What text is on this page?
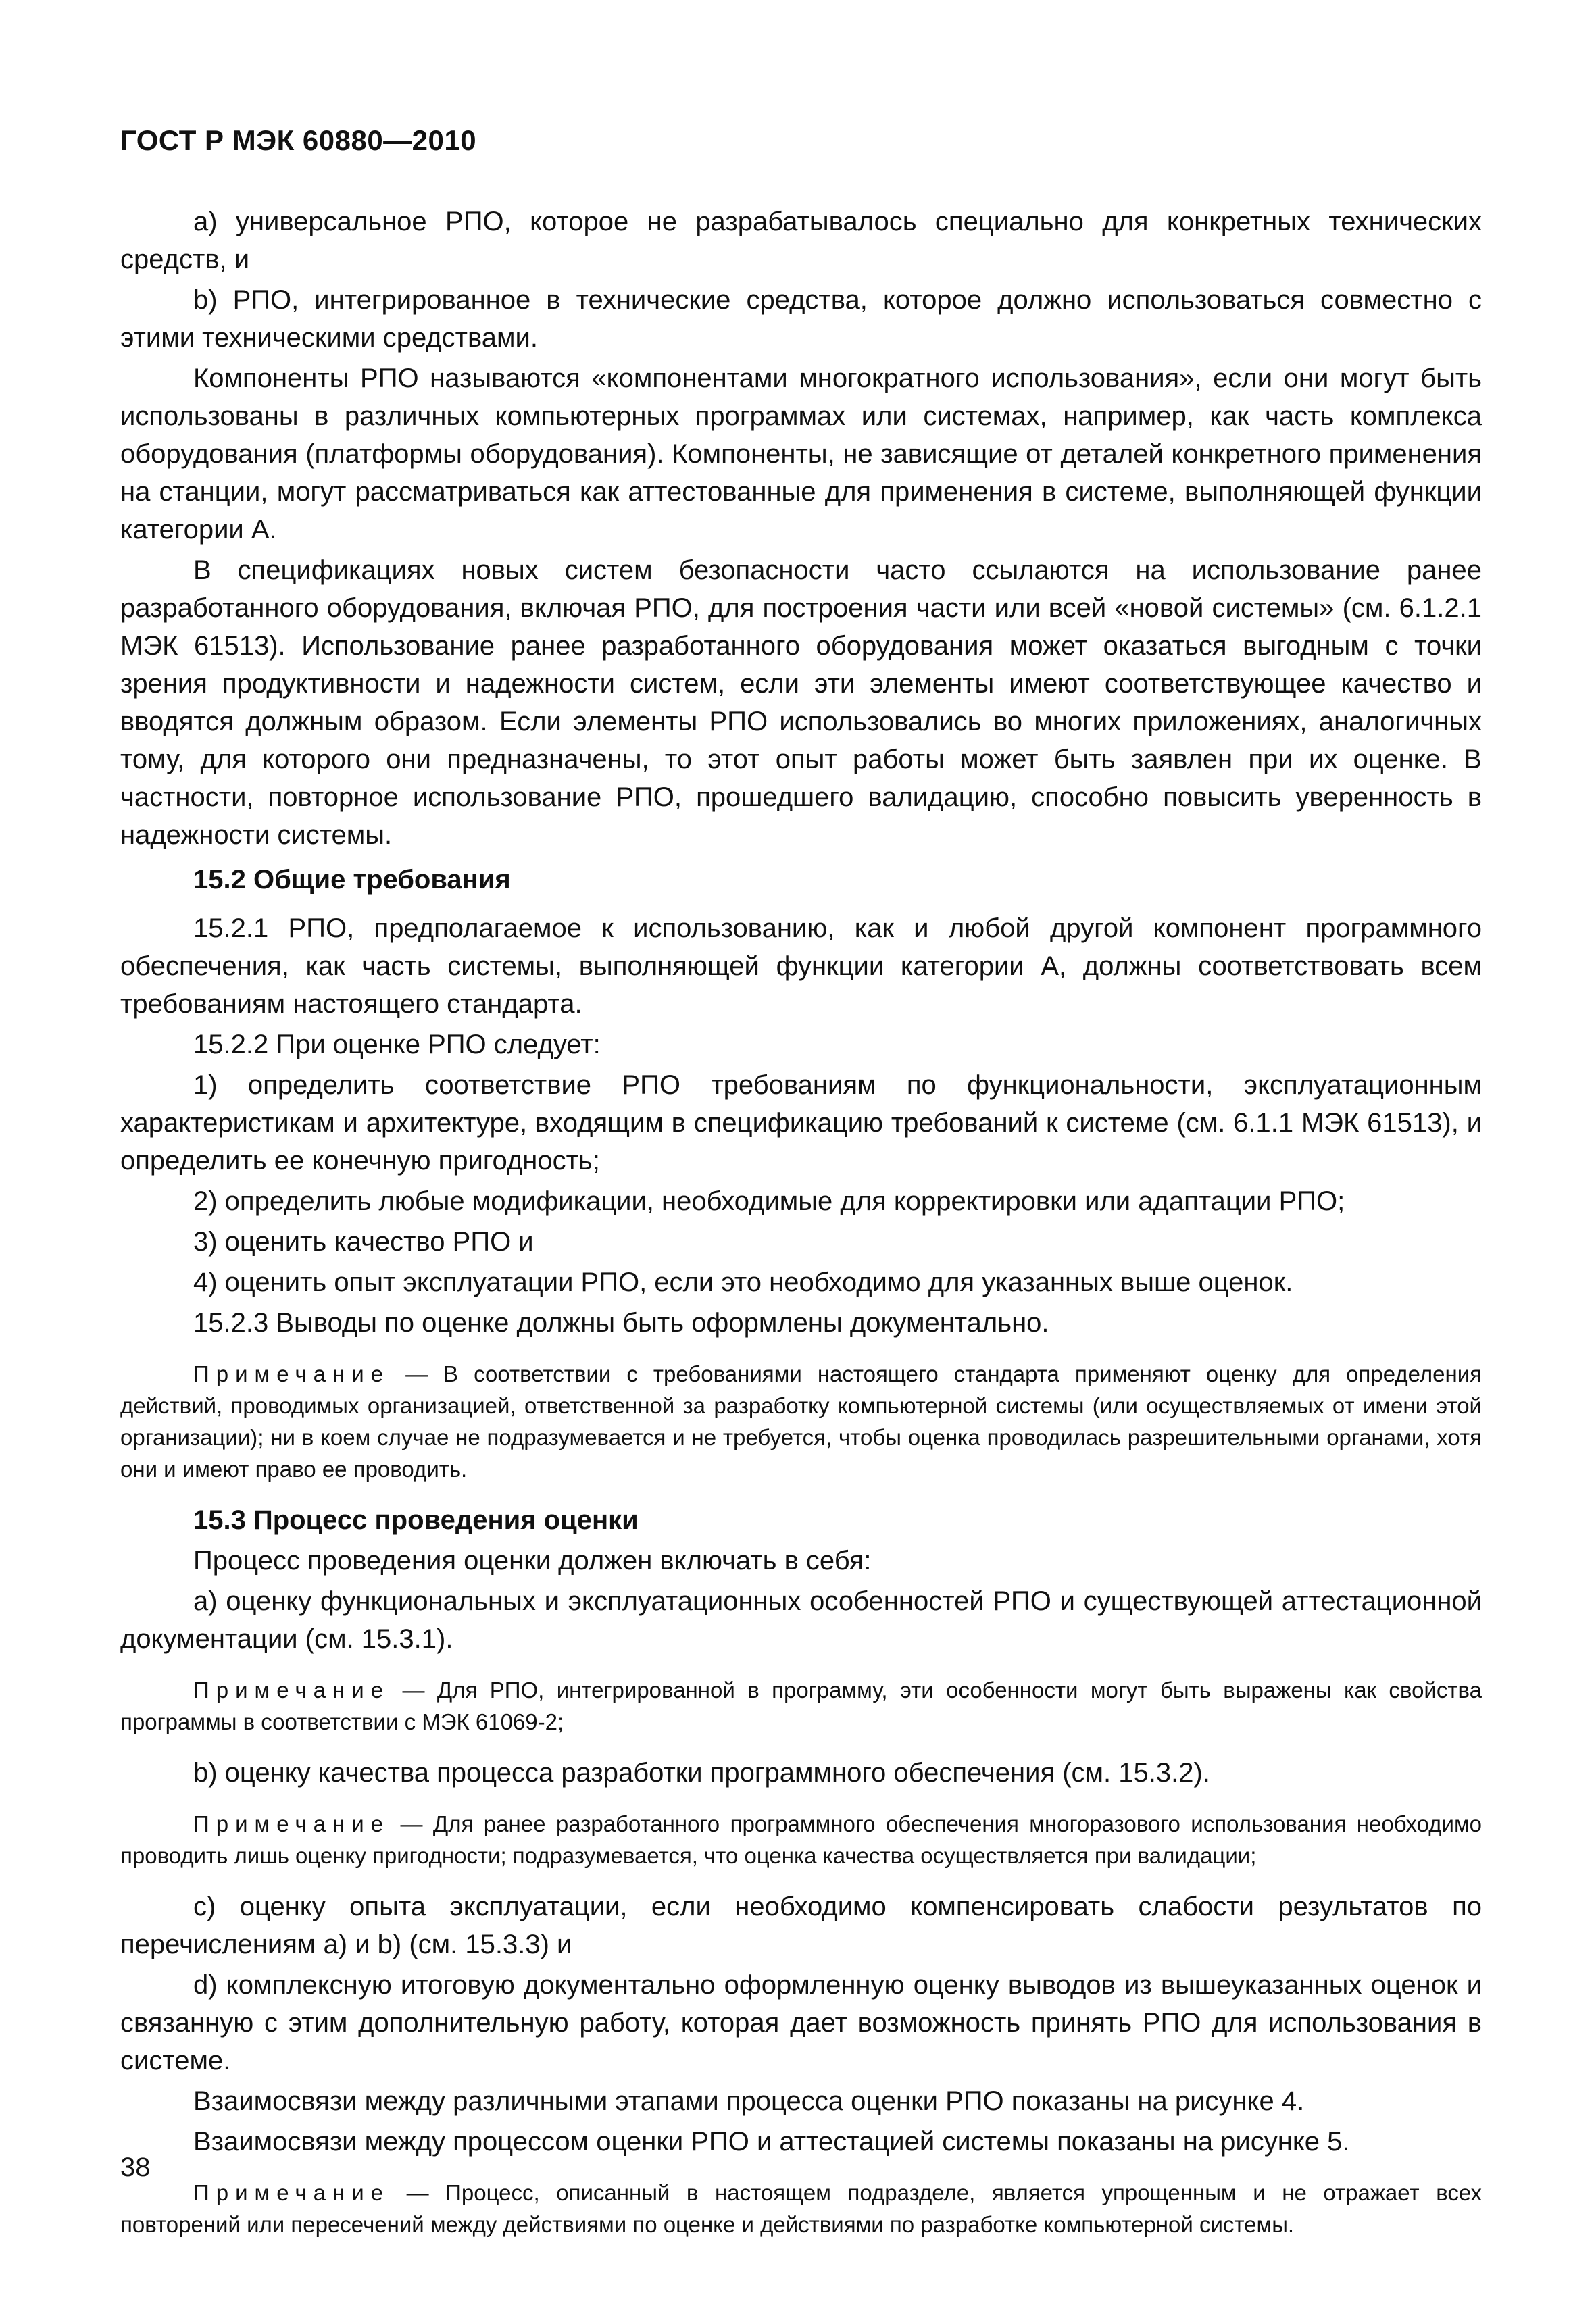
ГОСТ Р МЭК 60880—2010

a) универсальное РПО, которое не разрабатывалось специально для конкретных технических средств, и

b) РПО, интегрированное в технические средства, которое должно использоваться совместно с этими техническими средствами.

Компоненты РПО называются «компонентами многократного использования», если они могут быть использованы в различных компьютерных программах или системах, например, как часть комплекса оборудования (платформы оборудования). Компоненты, не зависящие от деталей конкретного применения на станции, могут рассматриваться как аттестованные для применения в системе, выполняющей функции категории А.

В спецификациях новых систем безопасности часто ссылаются на использование ранее разработанного оборудования, включая РПО, для построения части или всей «новой системы» (см. 6.1.2.1 МЭК 61513). Использование ранее разработанного оборудования может оказаться выгодным с точки зрения продуктивности и надежности систем, если эти элементы имеют соответствующее качество и вводятся должным образом. Если элементы РПО использовались во многих приложениях, аналогичных тому, для которого они предназначены, то этот опыт работы может быть заявлен при их оценке. В частности, повторное использование РПО, прошедшего валидацию, способно повысить уверенность в надежности системы.

15.2 Общие требования

15.2.1 РПО, предполагаемое к использованию, как и любой другой компонент программного обеспечения, как часть системы, выполняющей функции категории А, должны соответствовать всем требованиям настоящего стандарта.

15.2.2 При оценке РПО следует:

1) определить соответствие РПО требованиям по функциональности, эксплуатационным характеристикам и архитектуре, входящим в спецификацию требований к системе (см. 6.1.1 МЭК 61513), и определить ее конечную пригодность;

2) определить любые модификации, необходимые для корректировки или адаптации РПО;

3) оценить качество РПО и

4) оценить опыт эксплуатации РПО, если это необходимо для указанных выше оценок.

15.2.3 Выводы по оценке должны быть оформлены документально.

Примечание — В соответствии с требованиями настоящего стандарта применяют оценку для определения действий, проводимых организацией, ответственной за разработку компьютерной системы (или осуществляемых от имени этой организации); ни в коем случае не подразумевается и не требуется, чтобы оценка проводилась разрешительными органами, хотя они и имеют право ее проводить.

15.3 Процесс проведения оценки

Процесс проведения оценки должен включать в себя:

a) оценку функциональных и эксплуатационных особенностей РПО и существующей аттестационной документации (см. 15.3.1).

Примечание — Для РПО, интегрированной в программу, эти особенности могут быть выражены как свойства программы в соответствии с МЭК 61069-2;

b) оценку качества процесса разработки программного обеспечения (см. 15.3.2).

Примечание — Для ранее разработанного программного обеспечения многоразового использования необходимо проводить лишь оценку пригодности; подразумевается, что оценка качества осуществляется при валидации;

c) оценку опыта эксплуатации, если необходимо компенсировать слабости результатов по перечислениям а) и b) (см. 15.3.3) и

d) комплексную итоговую документально оформленную оценку выводов из вышеуказанных оценок и связанную с этим дополнительную работу, которая дает возможность принять РПО для использования в системе.

Взаимосвязи между различными этапами процесса оценки РПО показаны на рисунке 4.

Взаимосвязи между процессом оценки РПО и аттестацией системы показаны на рисунке 5.

Примечание — Процесс, описанный в настоящем подразделе, является упрощенным и не отражает всех повторений или пересечений между действиями по оценке и действиями по разработке компьютерной системы.

38
